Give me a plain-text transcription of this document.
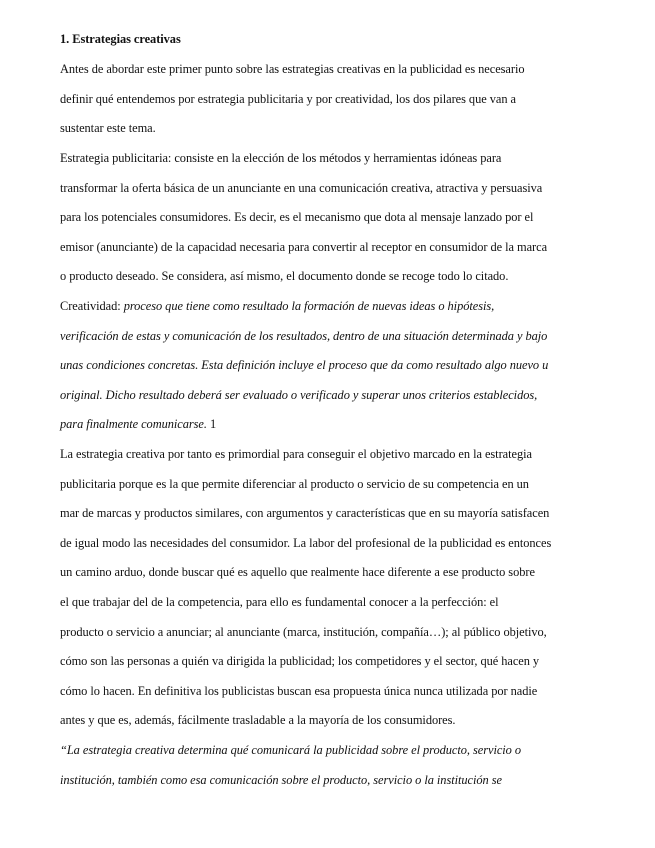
1. Estrategias creativas

Antes de abordar este primer punto sobre las estrategias creativas en la publicidad es necesario

definir qué entendemos por estrategia publicitaria y por creatividad, los dos pilares que van a

sustentar este tema.

Estrategia publicitaria: consiste en la elección de los métodos y herramientas idóneas para

transformar la oferta básica de un anunciante en una comunicación creativa, atractiva y persuasiva

para los potenciales consumidores. Es decir, es el mecanismo que dota al mensaje lanzado por el

emisor (anunciante) de la capacidad necesaria para convertir al receptor en consumidor de la marca

o producto deseado. Se considera, así mismo, el documento donde se recoge todo lo citado.

Creatividad: proceso que tiene como resultado la formación de nuevas ideas o hipótesis,

verificación de estas y comunicación de los resultados, dentro de una situación determinada y bajo

unas condiciones concretas. Esta definición incluye el proceso que da como resultado algo nuevo u

original. Dicho resultado deberá ser evaluado o verificado y superar unos criterios establecidos,

para finalmente comunicarse. 1

La estrategia creativa por tanto es primordial para conseguir el objetivo marcado en la estrategia

publicitaria porque es la que permite diferenciar al producto o servicio de su competencia en un

mar de marcas y productos similares, con argumentos y características que en su mayoría satisfacen

de igual modo las necesidades del consumidor. La labor del profesional de la publicidad es entonces

un camino arduo, donde buscar qué es aquello que realmente hace diferente a ese producto sobre

el que trabajar del de la competencia, para ello es fundamental conocer a la perfección: el

producto o servicio a anunciar; al anunciante (marca, institución, compañía…); al público objetivo,

cómo son las personas a quién va dirigida la publicidad; los competidores y el sector, qué hacen y

cómo lo hacen. En definitiva los publicistas buscan esa propuesta única nunca utilizada por nadie

antes y que es, además, fácilmente trasladable a la mayoría de los consumidores.

“La estrategia creativa determina qué comunicará la publicidad sobre el producto, servicio o

institución, también como esa comunicación sobre el producto, servicio o la institución se
